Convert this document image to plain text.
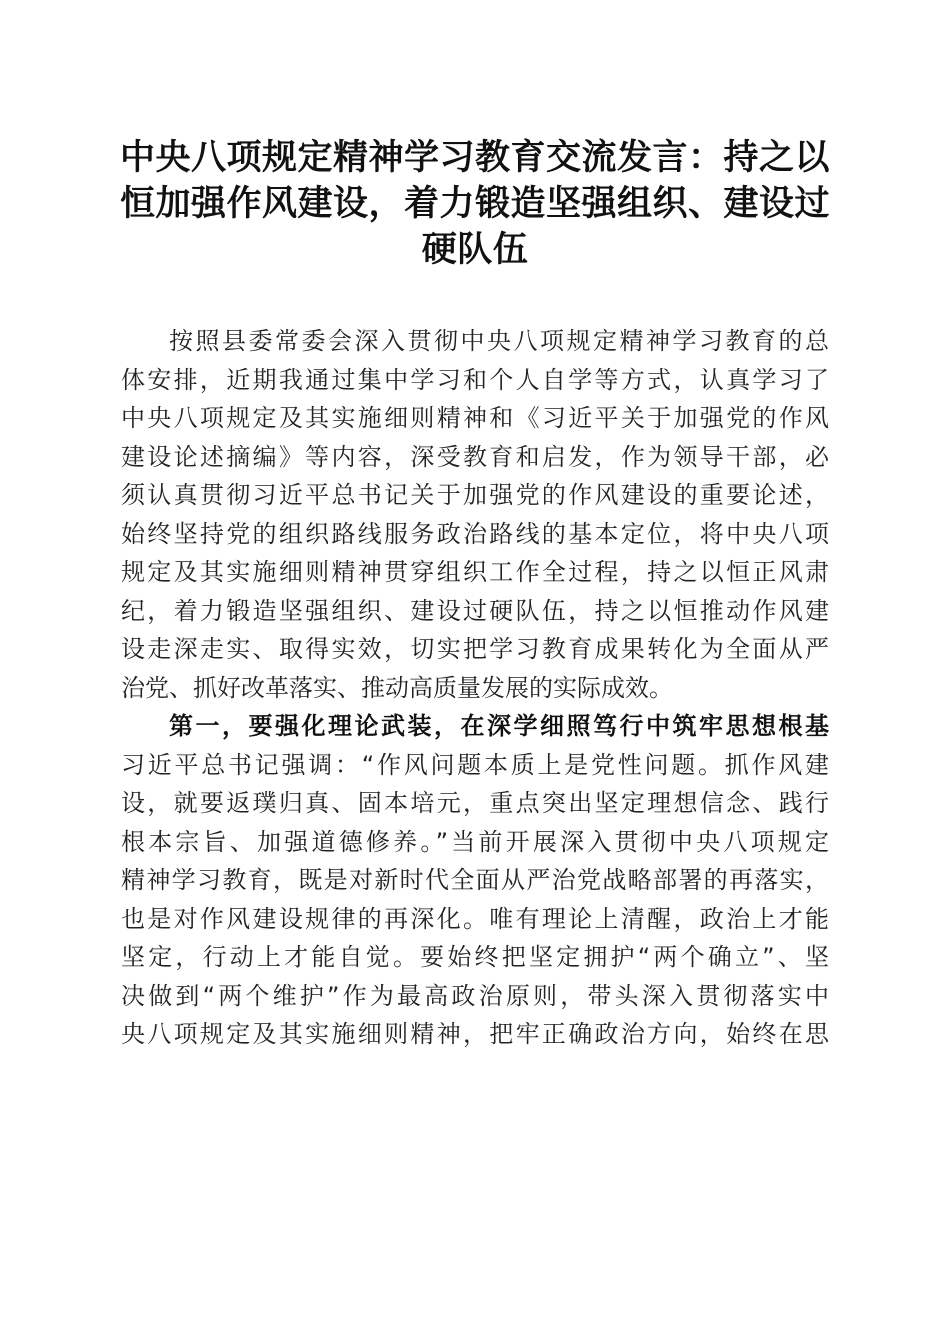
中央八项规定精神学习教育交流发言：持之以
恒加强作风建设，着力锻造坚强组织、建设过
硬队伍
按照县委常委会深入贯彻中央八项规定精神学习教育的总
体安排，近期我通过集中学习和个人自学等方式，认真学习了
中央八项规定及其实施细则精神和《习近平关于加强党的作风
建设论述摘编》等内容，深受教育和启发，作为领导干部，必
须认真贯彻习近平总书记关于加强党的作风建设的重要论述，
始终坚持党的组织路线服务政治路线的基本定位，将中央八项
规定及其实施细则精神贯穿组织工作全过程，持之以恒正风肃
纪，着力锻造坚强组织、建设过硬队伍，持之以恒推动作风建
设走深走实、取得实效，切实把学习教育成果转化为全面从严
治党、抓好改革落实、推动高质量发展的实际成效。
第一，要强化理论武装，在深学细照笃行中筑牢思想根基
习近平总书记强调：“作风问题本质上是党性问题。抓作风建
设，就要返璞归真、固本培元，重点突出坚定理想信念、践行
根本宗旨、加强道德修养。”当前开展深入贯彻中央八项规定
精神学习教育，既是对新时代全面从严治党战略部署的再落实，
也是对作风建设规律的再深化。唯有理论上清醒，政治上才能
坚定，行动上才能自觉。要始终把坚定拥护“两个确立”、坚
决做到“两个维护”作为最高政治原则，带头深入贯彻落实中
央八项规定及其实施细则精神，把牢正确政治方向，始终在思
